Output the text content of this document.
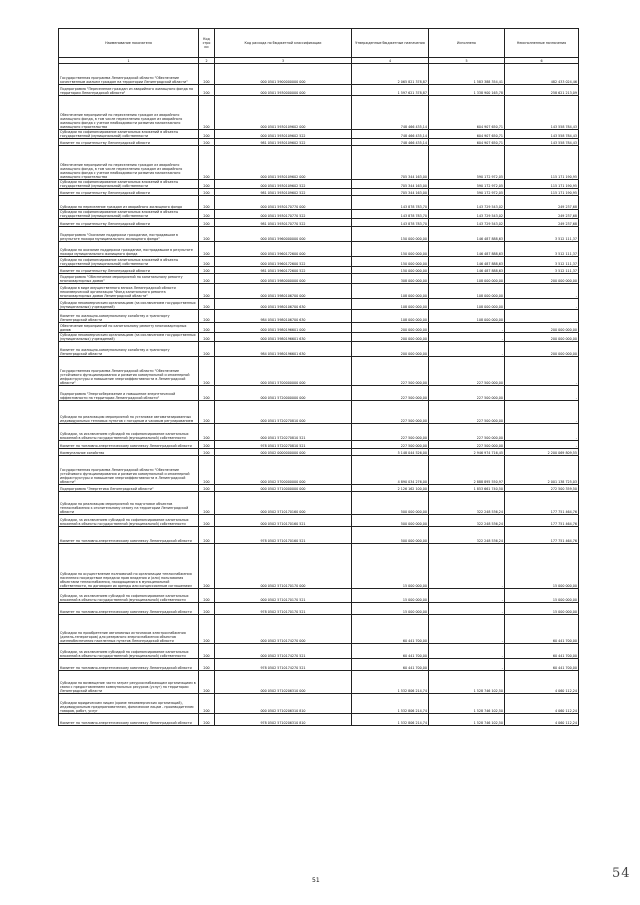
Наименование показателя	Код стро ки	Код расхода по бюджетной классификации	Утвержденные бюджетные назначения	Исполнено	Неисполненные назначения
1	2	3	4	5	6
Государственная программа Ленинградской области "Обеспечение качественным жильем граждан на территории Ленинградской области"	200	000 0501 5900000000 000	2 065 821 378,87	1 583 388 354,41	482 433 024,46
Подпрограмма "Переселение граждан из аварийного жилищного фонда на территории Ленинградской области"	200	000 0501 5930000000 000	1 597 621 378,87	1 338 900 165,78	258 621 213,09
Обеспечение мероприятий по переселению граждан из аварийного жилищного фонда, в том числе переселению граждан из аварийного жилищного фонда с учетом необходимости развития малоэтажного жилищного строительства	200	000 0501 5930109602 000	748 466 435,14	604 907 650,71	143 558 784,43
Субсидии на софинансирование капитальных вложений в объекты государственной (муниципальной) собственности	200	000 0501 5930109602 522	748 466 435,14	604 907 650,71	143 558 784,43
Комитет по строительству Ленинградской области	200	981 0501 5930109602 522	748 466 435,14	604 907 650,71	143 558 784,43
Обеспечение мероприятий по переселению граждан из аварийного жилищного фонда, в том числе переселению граждан из аварийного жилищного фонда с учетом необходимости развития малоэтажного жилищного строительства	200	000 0501 5930109602 000	705 344 163,00	590 172 972,05	115 171 190,95
Субсидии на софинансирование капитальных вложений в объекты государственной (муниципальной) собственности	200	000 0501 5930109602 522	705 344 163,00	590 172 972,05	115 171 190,95
Комитет по строительству Ленинградской области	200	981 0501 5930109602 522	705 344 163,00	590 172 972,05	115 171 190,95
Субсидии на переселение граждан из аварийного жилищного фонда	200	000 0501 5930170770 000	143 878 783,70	143 729 543,02	249 237,68
Субсидии на софинансирование капитальных вложений в объекты государственной (муниципальной) собственности	200	000 0501 5930170770 522	143 878 783,70	143 729 543,02	249 237,68
Комитет по строительству Ленинградской области	200	981 0501 5930170770 522	143 878 783,70	143 729 543,02	249 237,68
Подпрограмма "Оказание поддержки гражданам, пострадавшим в результате пожара муниципального жилищного фонда"	200	000 0501 5960000000 000	150 000 000,00	146 487 888,63	3 512 111,37
Субсидии на оказание поддержки гражданам, пострадавшим в результате пожара муниципального жилищного фонда	200	000 0501 5960172600 000	150 000 000,00	146 487 888,63	3 512 111,37
Субсидии на софинансирование капитальных вложений в объекты государственной (муниципальной) собственности	200	000 0501 5960172600 522	150 000 000,00	146 487 888,63	3 512 111,37
Комитет по строительству Ленинградской области	200	981 0501 5960172600 522	150 000 000,00	146 487 888,63	3 512 111,37
Подпрограмма "Обеспечение мероприятий по капитальному ремонту многоквартирных домов"	200	000 0501 5980000000 000	308 000 000,00	108 000 000,00	200 000 000,00
Субсидии в виде имущественного взноса Ленинградской области некоммерческой организации "Фонд капитального ремонта многоквартирных домов Ленинградской области"	200	000 0501 5980106700 000	108 000 000,00	108 000 000,00	-
Субсидии некоммерческим организациям (за исключением государственных (муниципальных) учреждений)	200	000 0501 5980106700 630	108 000 000,00	108 000 000,00	-
Комитет по жилищно-коммунальному хозяйству и транспорту Ленинградской области	200	984 0501 5980106700 630	108 000 000,00	108 000 000,00	-
Обеспечение мероприятий по капитальному ремонту многоквартирных домов	200	000 0501 5980196601 000	200 000 000,00	-	200 000 000,00
Субсидии некоммерческим организациям (за исключением государственных (муниципальных) учреждений)	200	000 0501 5980196601 630	200 000 000,00	-	200 000 000,00
Комитет по жилищно-коммунальному хозяйству и транспорту Ленинградской области	200	984 0501 5980196601 630	200 000 000,00	-	200 000 000,00
Государственная программа Ленинградской области "Обеспечение устойчивого функционирования и развития коммунальной и инженерной инфраструктуры и повышение энергоэффективности в Ленинградской области"	200	000 0501 5700000000 000	227 500 000,00	227 500 000,00	-
Подпрограмма "Энергосбережение и повышение энергетической эффективности на территории Ленинградской области"	200	000 0501 5720000000 000	227 500 000,00	227 500 000,00	-
Субсидии на реализацию мероприятий по установке автоматизированных индивидуальных тепловых пунктов с погодным и часовым регулированием	200	000 0501 5720270810 000	227 500 000,00	227 500 000,00	-
Субсидии, за исключением субсидий на софинансирование капитальных вложений в объекты государственной (муниципальной) собственности	200	000 0501 5720270810 521	227 500 000,00	227 500 000,00	-
Комитет по топливно-энергетическому комплексу Ленинградской области	200	978 0501 5720270810 521	227 500 000,00	227 500 000,00	-
Коммунальное хозяйство	200	000 0502 0000000000 000	5 148 044 526,00	2 946 974 716,45	2 200 069 809,55
Государственная программа Ленинградской области "Обеспечение устойчивого функционирования и развития коммунальной и инженерной инфраструктуры и повышение энергоэффективности в Ленинградской области"	200	000 0502 5700000000 000	4 890 034 276,00	2 888 895 550,97	2 001 138 725,03
Подпрограмма "Энергетика Ленинградской области"	200	000 0502 5710000000 000	2 126 162 100,00	1 853 661 740,50	272 500 359,50
Субсидии на реализацию мероприятий по подготовке объектов теплоснабжения к отопительному сезону на территории Ленинградской области	200	000 0502 5710170160 000	500 000 000,00	322 248 536,24	177 751 464,76
Субсидии, за исключением субсидий на софинансирование капитальных вложений в объекты государственной (муниципальной) собственности	200	000 0502 5710170160 521	500 000 000,00	322 248 536,24	177 751 464,76
Комитет по топливно-энергетическому комплексу Ленинградской области	200	978 0502 5710170160 521	500 000 000,00	322 248 536,24	177 751 464,76
Субсидии на осуществление полномочий по организации теплоснабжения населения посредством передачи прав владения и (или) пользования объектами теплоснабжения, находящимися в муниципальной собственности, по договорам их аренды или концессионным соглашениям	200	000 0502 5710170170 000	15 000 000,00	-	15 000 000,00
Субсидии, за исключением субсидий на софинансирование капитальных вложений в объекты государственной (муниципальной) собственности	200	000 0502 5710170170 521	15 000 000,00	-	15 000 000,00
Комитет по топливно-энергетическому комплексу Ленинградской области	200	978 0502 5710170170 521	15 000 000,00	-	15 000 000,00
Субсидии на приобретение автономных источников электроснабжения (дизель-генераторов) для резервного энергоснабжения объектов жизнеобеспечения населенных пунктов Ленинградской области	200	000 0502 5710174270 000	60 441 700,00	-	60 441 700,00
Субсидии, за исключением субсидий на софинансирование капитальных вложений в объекты государственной (муниципальной) собственности	200	000 0502 5710174270 521	60 441 700,00	-	60 441 700,00
Комитет по топливно-энергетическому комплексу Ленинградской области	200	978 0502 5710174270 521	60 441 700,00	-	60 441 700,00
Субсидии на возмещение части затрат ресурсоснабжающим организациям в связи с предоставлением коммунальных ресурсов (услуг) на территории Ленинградской области	200	000 0502 5710206310 000	1 532 806 214,74	1 528 746 102,50	4 060 112,24
Субсидии юридическим лицам (кроме некоммерческих организаций), индивидуальным предпринимателям, физическим лицам - производителям товаров, работ, услуг	200	000 0502 5710206310 810	1 532 806 214,74	1 528 746 102,50	4 060 112,24
Комитет по топливно-энергетическому комплексу Ленинградской области	200	978 0502 5710206310 810	1 532 806 214,74	1 528 746 102,50	4 060 112,24
51	54
